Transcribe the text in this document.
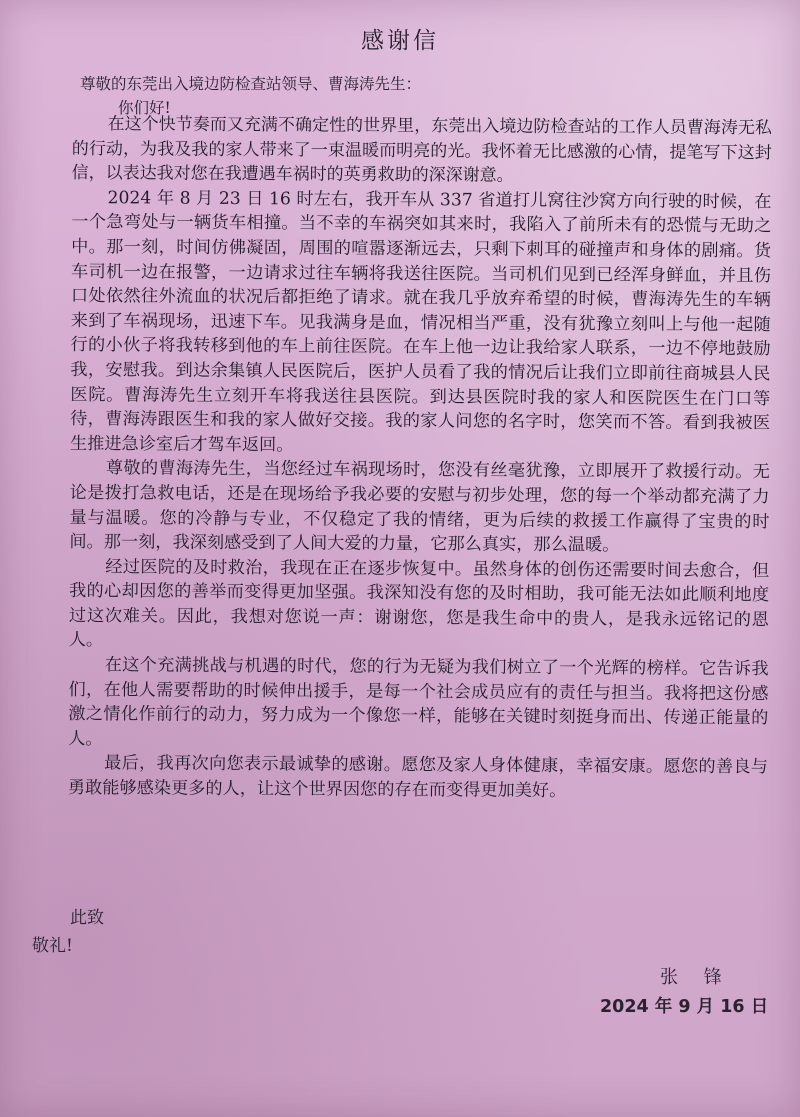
感谢信
尊敬的东莞出入境边防检查站领导、曹海涛先生：
你们好!

在这个快节奏而又充满不确定性的世界里，东莞出入境边防检查站的工作人员曹海涛无私的行动，为我及我的家人带来了一束温暖而明亮的光。我怀着无比感激的心情，提笔写下这封信，以表达我对您在我遭遇车祸时的英勇救助的深深谢意。

2024 年 8 月 23 日 16 时左右，我开车从 337 省道打儿窝往沙窝方向行驶的时候，在一个急弯处与一辆货车相撞。当不幸的车祸突如其来时，我陷入了前所未有的恐慌与无助之中。那一刻，时间仿佛凝固，周围的喧嚣逐渐远去，只剩下刺耳的碰撞声和身体的剧痛。货车司机一边在报警，一边请求过往车辆将我送往医院。当司机们见到已经浑身鲜血，并且伤口处依然往外流血的状况后都拒绝了请求。就在我几乎放弃希望的时候，曹海涛先生的车辆来到了车祸现场，迅速下车。见我满身是血，情况相当严重，没有犹豫立刻叫上与他一起随行的小伙子将我转移到他的车上前往医院。在车上他一边让我给家人联系，一边不停地鼓励我，安慰我。到达余集镇人民医院后，医护人员看了我的情况后让我们立即前往商城县人民医院。曹海涛先生立刻开车将我送往县医院。到达县医院时我的家人和医院医生在门口等待，曹海涛跟医生和我的家人做好交接。我的家人问您的名字时，您笑而不答。看到我被医生推进急诊室后才驾车返回。

尊敬的曹海涛先生，当您经过车祸现场时，您没有丝毫犹豫，立即展开了救援行动。无论是拨打急救电话，还是在现场给予我必要的安慰与初步处理，您的每一个举动都充满了力量与温暖。您的冷静与专业，不仅稳定了我的情绪，更为后续的救援工作赢得了宝贵的时间。那一刻，我深刻感受到了人间大爱的力量，它那么真实，那么温暖。

经过医院的及时救治，我现在正在逐步恢复中。虽然身体的创伤还需要时间去愈合，但我的心却因您的善举而变得更加坚强。我深知没有您的及时相助，我可能无法如此顺利地度过这次难关。因此，我想对您说一声：谢谢您，您是我生命中的贵人，是我永远铭记的恩人。

在这个充满挑战与机遇的时代，您的行为无疑为我们树立了一个光辉的榜样。它告诉我们，在他人需要帮助的时候伸出援手，是每一个社会成员应有的责任与担当。我将把这份感激之情化作前行的动力，努力成为一个像您一样，能够在关键时刻挺身而出、传递正能量的人。

最后，我再次向您表示最诚挚的感谢。愿您及家人身体健康，幸福安康。愿您的善良与勇敢能够感染更多的人，让这个世界因您的存在而变得更加美好。

此致
敬礼!
张 锋
2024 年 9 月 16 日
